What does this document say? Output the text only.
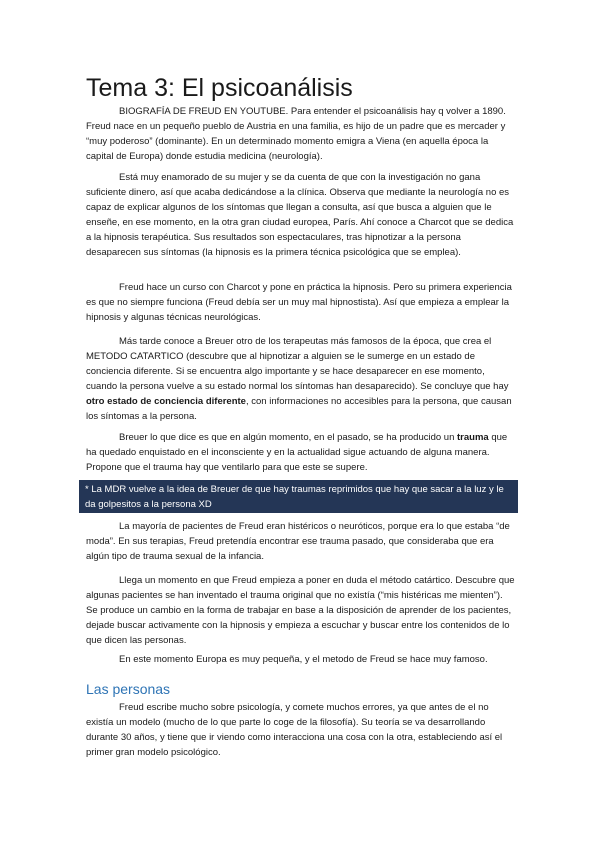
Tema 3: El psicoanálisis

BIOGRAFÍA DE FREUD EN YOUTUBE. Para entender el psicoanálisis hay q volver a 1890. Freud nace en un pequeño pueblo de Austria en una familia, es hijo de un padre que es mercader y “muy poderoso” (dominante). En un determinado momento emigra a Viena (en aquella época la capital de Europa) donde estudia medicina (neurología).

Está muy enamorado de su mujer y se da cuenta de que con la investigación no gana suficiente dinero, así que acaba dedicándose a la clínica. Observa que mediante la neurología no es capaz de explicar algunos de los síntomas que llegan a consulta, así que busca a alguien que le enseñe, en ese momento, en la otra gran ciudad europea, París. Ahí conoce a Charcot que se dedica a la hipnosis terapéutica. Sus resultados son espectaculares, tras hipnotizar a la persona desaparecen sus síntomas (la hipnosis es la primera técnica psicológica que se emplea).

Freud hace un curso con Charcot y pone en práctica la hipnosis. Pero su primera experiencia es que no siempre funciona (Freud debía ser un muy mal hipnostista). Así que empieza a emplear la hipnosis y algunas técnicas neurológicas.

Más tarde conoce a Breuer otro de los terapeutas más famosos de la época, que crea el METODO CATARTICO (descubre que al hipnotizar a alguien se le sumerge en un estado de conciencia diferente. Si se encuentra algo importante y se hace desaparecer en ese momento, cuando la persona vuelve a su estado normal los síntomas han desaparecido). Se concluye que hay otro estado de conciencia diferente, con informaciones no accesibles para la persona, que causan los síntomas a la persona.

Breuer lo que dice es que en algún momento, en el pasado, se ha producido un trauma que ha quedado enquistado en el inconsciente y en la actualidad sigue actuando de alguna manera. Propone que el trauma hay que ventilarlo para que este se supere.

* La MDR vuelve a la idea de Breuer de que hay traumas reprimidos que hay que sacar a la luz y le da golpesitos a la persona XD

La mayoría de pacientes de Freud eran histéricos o neuróticos, porque era lo que estaba “de moda”. En sus terapias, Freud pretendía encontrar ese trauma pasado, que consideraba que era algún tipo de trauma sexual de la infancia.

Llega un momento en que Freud empieza a poner en duda el método catártico. Descubre que algunas pacientes se han inventado el trauma original que no existía (“mis histéricas me mienten”). Se produce un cambio en la forma de trabajar en base a la disposición de aprender de los pacientes, dejade buscar activamente con la hipnosis y empieza a escuchar y buscar entre los contenidos de lo que dicen las personas.

En este momento Europa es muy pequeña, y el metodo de Freud se hace muy famoso.

Las personas

Freud escribe mucho sobre psicología, y comete muchos errores, ya que antes de el no existía un modelo (mucho de lo que parte lo coge de la filosofía). Su teoría se va desarrollando durante 30 años, y tiene que ir viendo como interacciona una cosa con la otra, estableciendo así el primer gran modelo psicológico.
